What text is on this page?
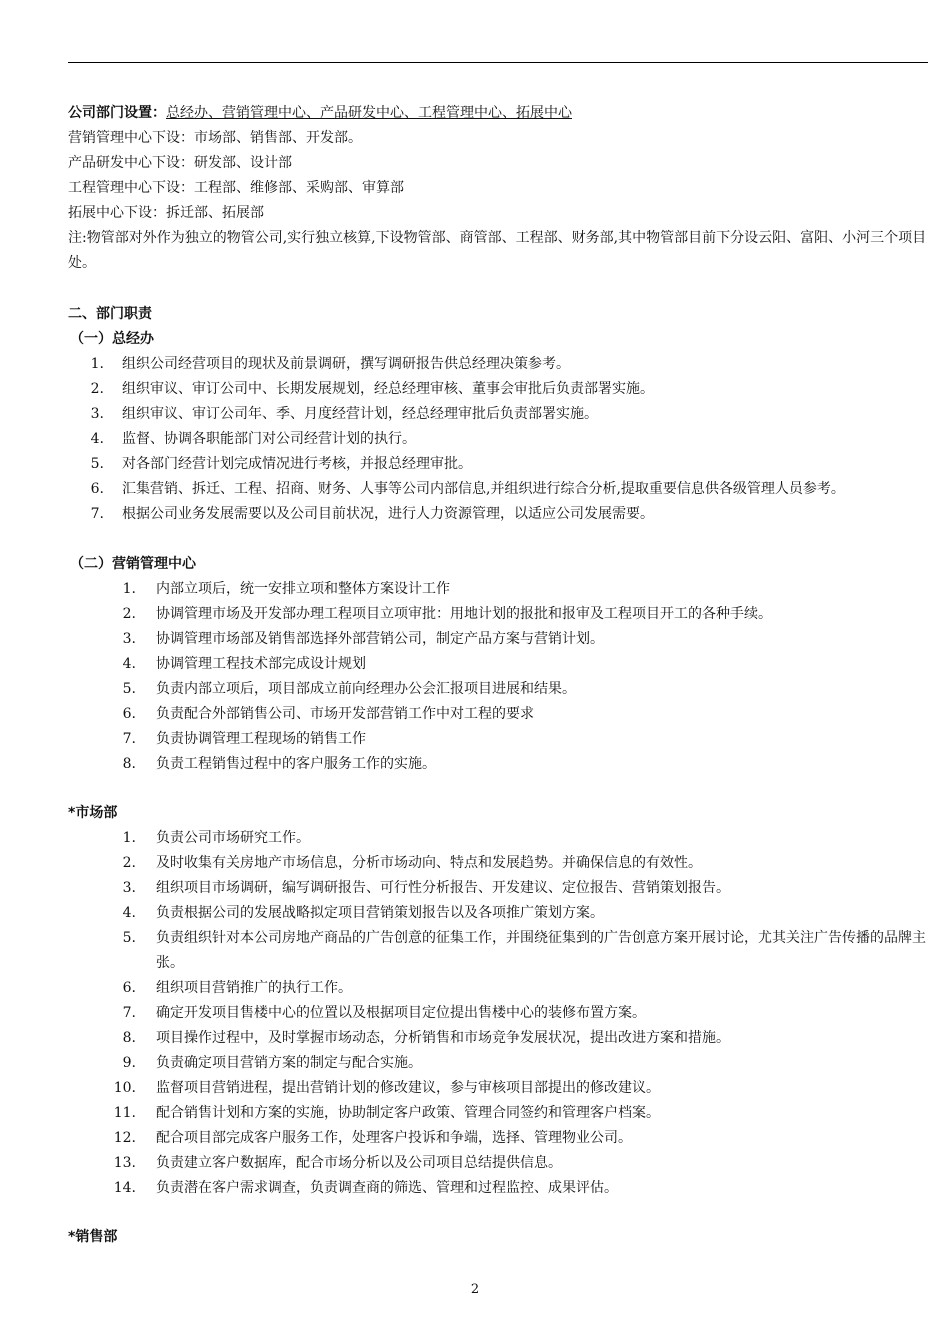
公司部门设置：总经办、营销管理中心、产品研发中心、工程管理中心、拓展中心
营销管理中心下设：市场部、销售部、开发部。
产品研发中心下设：研发部、设计部
工程管理中心下设：工程部、维修部、采购部、审算部
拓展中心下设：拆迁部、拓展部
注:物管部对外作为独立的物管公司,实行独立核算,下设物管部、商管部、工程部、财务部,其中物管部目前下分设云阳、富阳、小河三个项目处。
二、部门职责
（一）总经办
1. 组织公司经营项目的现状及前景调研，撰写调研报告供总经理决策参考。
2. 组织审议、审订公司中、长期发展规划，经总经理审核、董事会审批后负责部署实施。
3. 组织审议、审订公司年、季、月度经营计划，经总经理审批后负责部署实施。
4. 监督、协调各职能部门对公司经营计划的执行。
5. 对各部门经营计划完成情况进行考核，并报总经理审批。
6. 汇集营销、拆迁、工程、招商、财务、人事等公司内部信息,并组织进行综合分析,提取重要信息供各级管理人员参考。
7. 根据公司业务发展需要以及公司目前状况，进行人力资源管理，以适应公司发展需要。
（二）营销管理中心
1. 内部立项后，统一安排立项和整体方案设计工作
2. 协调管理市场及开发部办理工程项目立项审批：用地计划的报批和报审及工程项目开工的各种手续。
3. 协调管理市场部及销售部选择外部营销公司，制定产品方案与营销计划。
4. 协调管理工程技术部完成设计规划
5. 负责内部立项后，项目部成立前向经理办公会汇报项目进展和结果。
6. 负责配合外部销售公司、市场开发部营销工作中对工程的要求
7. 负责协调管理工程现场的销售工作
8. 负责工程销售过程中的客户服务工作的实施。
*市场部
1. 负责公司市场研究工作。
2. 及时收集有关房地产市场信息，分析市场动向、特点和发展趋势。并确保信息的有效性。
3. 组织项目市场调研，编写调研报告、可行性分析报告、开发建议、定位报告、营销策划报告。
4. 负责根据公司的发展战略拟定项目营销策划报告以及各项推广策划方案。
5. 负责组织针对本公司房地产商品的广告创意的征集工作，并围绕征集到的广告创意方案开展讨论，尤其关注广告传播的品牌主张。
6. 组织项目营销推广的执行工作。
7. 确定开发项目售楼中心的位置以及根据项目定位提出售楼中心的装修布置方案。
8. 项目操作过程中，及时掌握市场动态，分析销售和市场竞争发展状况，提出改进方案和措施。
9. 负责确定项目营销方案的制定与配合实施。
10. 监督项目营销进程，提出营销计划的修改建议，参与审核项目部提出的修改建议。
11. 配合销售计划和方案的实施，协助制定客户政策、管理合同签约和管理客户档案。
12. 配合项目部完成客户服务工作，处理客户投诉和争端，选择、管理物业公司。
13. 负责建立客户数据库，配合市场分析以及公司项目总结提供信息。
14. 负责潜在客户需求调查，负责调查商的筛选、管理和过程监控、成果评估。
*销售部
2
